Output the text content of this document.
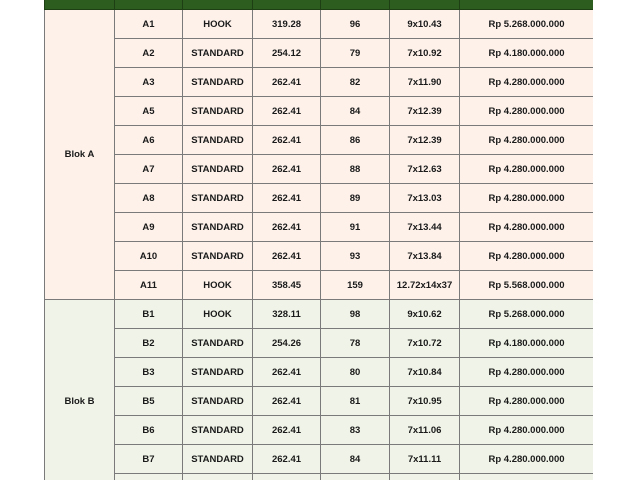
Blok A	A1	HOOK	319.28	96	9x10.43	Rp 5.268.000.000
	A2	STANDARD	254.12	79	7x10.92	Rp 4.180.000.000
	A3	STANDARD	262.41	82	7x11.90	Rp 4.280.000.000
	A5	STANDARD	262.41	84	7x12.39	Rp 4.280.000.000
	A6	STANDARD	262.41	86	7x12.39	Rp 4.280.000.000
	A7	STANDARD	262.41	88	7x12.63	Rp 4.280.000.000
	A8	STANDARD	262.41	89	7x13.03	Rp 4.280.000.000
	A9	STANDARD	262.41	91	7x13.44	Rp 4.280.000.000
	A10	STANDARD	262.41	93	7x13.84	Rp 4.280.000.000
	A11	HOOK	358.45	159	12.72x14x37	Rp 5.568.000.000
Blok B	B1	HOOK	328.11	98	9x10.62	Rp 5.268.000.000
	B2	STANDARD	254.26	78	7x10.72	Rp 4.180.000.000
	B3	STANDARD	262.41	80	7x10.84	Rp 4.280.000.000
	B5	STANDARD	262.41	81	7x10.95	Rp 4.280.000.000
	B6	STANDARD	262.41	83	7x11.06	Rp 4.280.000.000
	B7	STANDARD	262.41	84	7x11.11	Rp 4.280.000.000
